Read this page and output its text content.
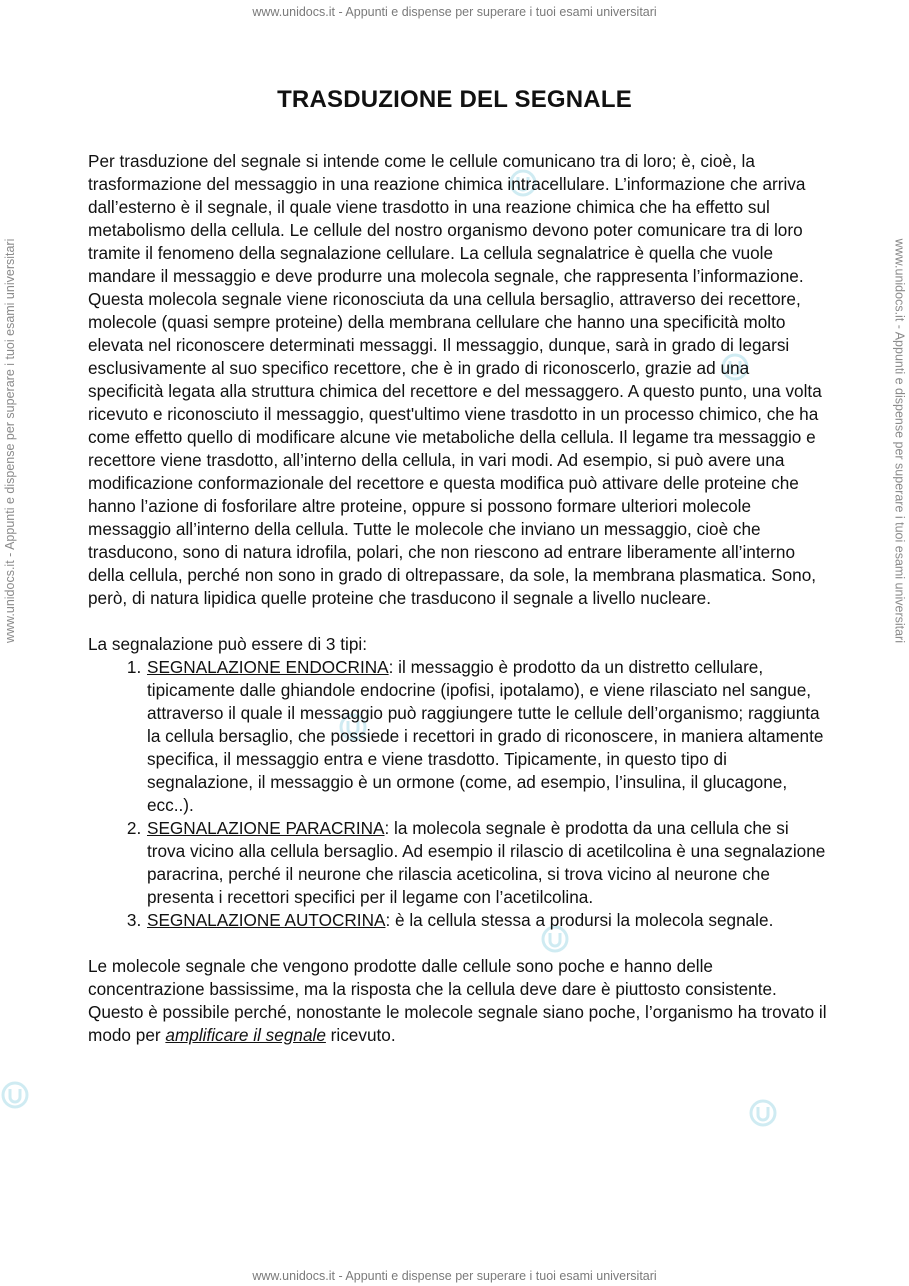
www.unidocs.it - Appunti e dispense per superare i tuoi esami universitari
www.unidocs.it - Appunti e dispense per superare i tuoi esami universitari
www.unidocs.it - Appunti e dispense per superare i tuoi esami universitari	www.unidocs.it - Appunti e dispense per superare i tuoi esami universitari
TRASDUZIONE DEL SEGNALE

Per trasduzione del segnale si intende come le cellule comunicano tra di loro; è, cioè, la trasformazione del messaggio in una reazione chimica intracellulare. L’informazione che arriva dall’esterno è il segnale, il quale viene trasdotto in una reazione chimica che ha effetto sul metabolismo della cellula. Le cellule del nostro organismo devono poter comunicare tra di loro tramite il fenomeno della segnalazione cellulare. La cellula segnalatrice è quella che vuole mandare il messaggio e deve produrre una molecola segnale, che rappresenta l’informazione. Questa molecola segnale viene riconosciuta da una cellula bersaglio, attraverso dei recettore, molecole (quasi sempre proteine) della membrana cellulare che hanno una specificità molto elevata nel riconoscere determinati messaggi. Il messaggio, dunque, sarà in grado di legarsi esclusivamente al suo specifico recettore, che è in grado di riconoscerlo, grazie ad una specificità legata alla struttura chimica del recettore e del messaggero. A questo punto, una volta ricevuto e riconosciuto il messaggio, quest'ultimo viene trasdotto in un processo chimico, che ha come effetto quello di modificare alcune vie metaboliche della cellula. Il legame tra messaggio e recettore viene trasdotto, all’interno della cellula, in vari modi. Ad esempio, si può avere una modificazione conformazionale del recettore e questa modifica può attivare delle proteine che hanno l’azione di fosforilare altre proteine, oppure si possono formare ulteriori molecole messaggio all’interno della cellula. Tutte le molecole che inviano un messaggio, cioè che trasducono, sono di natura idrofila, polari, che non riescono ad entrare liberamente all’interno della cellula, perché non sono in grado di oltrepassare, da sole, la membrana plasmatica. Sono, però, di natura lipidica quelle proteine che trasducono il segnale a livello nucleare.

La segnalazione può essere di 3 tipi:

1. SEGNALAZIONE ENDOCRINA: il messaggio è prodotto da un distretto cellulare, tipicamente dalle ghiandole endocrine (ipofisi, ipotalamo), e viene rilasciato nel sangue, attraverso il quale il messaggio può raggiungere tutte le cellule dell’organismo; raggiunta la cellula bersaglio, che possiede i recettori in grado di riconoscere, in maniera altamente specifica, il messaggio entra e viene trasdotto. Tipicamente, in questo tipo di segnalazione, il messaggio è un ormone (come, ad esempio, l’insulina, il glucagone, ecc..).
2. SEGNALAZIONE PARACRINA: la molecola segnale è prodotta da una cellula che si trova vicino alla cellula bersaglio. Ad esempio il rilascio di acetilcolina è una segnalazione paracrina, perché il neurone che rilascia aceticolina, si trova vicino al neurone che presenta i recettori specifici per il legame con l’acetilcolina.
3. SEGNALAZIONE AUTOCRINA: è la cellula stessa a prodursi la molecola segnale.

Le molecole segnale che vengono prodotte dalle cellule sono poche e hanno delle concentrazione bassissime, ma la risposta che la cellula deve dare è piuttosto consistente. Questo è possibile perché, nonostante le molecole segnale siano poche, l’organismo ha trovato il modo per amplificare il segnale ricevuto.
